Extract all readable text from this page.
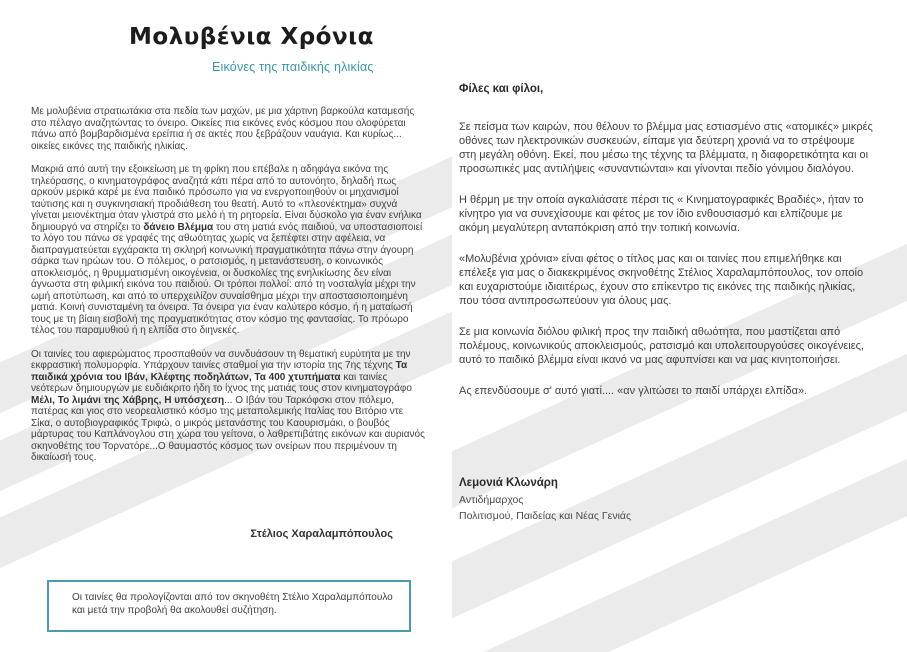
Μολυβένια Χρόνια
Εικόνες της παιδικής ηλικίας

Με μολυβένια στρατιωτάκια στα πεδία των μαχών, με μια χάρτινη βαρκούλα καταμεσής στο πέλαγο αναζητώντας το όνειρο. Οικείες πια εικόνες ενός κόσμου που ολοφύρεται πάνω από βομβαρδισμένα ερείπια ή σε ακτές που ξεβράζουν ναυάγια. Και κυρίως... οικείες εικόνες της παιδικής ηλικίας.

Μακριά από αυτή την εξοικείωση με τη φρίκη που επέβαλε η αδηφάγα εικόνα της τηλεόρασης, ο κινηματογράφος αναζητά κάτι πέρα από το αυτονόητο, δηλαδή πως αρκούν μερικά καρέ με ένα παιδικό πρόσωπο για να ενεργοποιηθούν οι μηχανισμοί ταύτισης και η συγκινησιακή προδιάθεση του θεατή. Αυτό το «πλεονέκτημα» συχνά γίνεται μειονέκτημα όταν γλιστρά στο μελό ή τη ρητορεία. Είναι δύσκολο για έναν ενήλικα δημιουργό να στηρίζει το δάνειο Βλέμμα του στη ματιά ενός παιδιού, να υποστασιοποιεί το λόγο του πάνω σε γραφές της αθωότητας χωρίς να ξεπέφτει στην αφέλεια, να διαπραγματεύεται εγχάρακτα τη σκληρή κοινωνική πραγματικότητα πάνω στην άγουρη σάρκα των ηρώων του. Ο πόλεμος, ο ρατσισμός, η μετανάστευση, ο κοινωνικός αποκλεισμός, η θρυμματισμένη οικογένεια, οι δυσκολίες της ενηλικίωσης δεν είναι άγνωστα στη φιλμική εικόνα του παιδιού. Οι τρόποι πολλοί: από τη νοσταλγία μέχρι την ωμή αποτύπωση, και από το υπερχειλίζον συναίσθημα μέχρι την αποστασιοποιημένη ματιά. Κοινή συνισταμένη τα όνειρα. Τα όνειρα για έναν καλύτερο κόσμο, ή η ματαίωσή τους με τη βίαιη εισβολή της πραγματικότητας στον κόσμο της φαντασίας. Το πρόωρο τέλος του παραμυθιού ή η ελπίδα στο διηνεκές.

Οι ταινίες του αφιερώματος προσπαθούν να συνδυάσουν τη θεματική ευρύτητα με την εκφραστική πολυμορφία. Υπάρχουν ταινίες σταθμοί για την ιστορία της 7ης τέχνης Τα παιδικά χρόνια του Ιβάν, Κλέφτης ποδηλάτων, Τα 400 χτυπήματα και ταινίες νεότερων δημιουργών με ευδιάκριτο ήδη το ίχνος της ματιάς τους στον κινηματογράφο Μέλι, Το λιμάνι της Χάβρης, Η υπόσχεση... Ο Ιβάν του Ταρκόφσκι στον πόλεμο, πατέρας και γιος στο νεορεαλιστικό κόσμο της μεταπολεμικής Ιταλίας του Βιτόριο ντε Σίκα, ο αυτοβιογραφικός Τριφώ, ο μικρός μετανάστης του Καουρισμάκι, ο βουβός μάρτυρας του Καπλάνογλου στη χώρα του γείτονα, ο λαθρεπιβάτης εικόνων και αυριανός σκηνοθέτης του Τορνατόρε...Ο θαυμαστός κόσμος των ονείρων που περιμένουν τη δικαίωσή τους.

Στέλιος Χαραλαμπόπουλος

Οι ταινίες θα προλογίζονται από τον σκηνοθέτη Στέλιο Χαραλαμπόπουλο και μετά την προβολή θα ακολουθεί συζήτηση.

Φίλες και φίλοι,

Σε πείσμα των καιρών, που θέλουν το βλέμμα μας εστιασμένο στις «ατομικές» μικρές οθόνες των ηλεκτρονικών συσκευών, είπαμε για δεύτερη χρονιά να το στρέψουμε στη μεγάλη οθόνη. Εκεί, που μέσω της τέχνης τα βλέμματα, η διαφορετικότητα και οι προσωπικές μας αντιλήψεις «συναντιώνται» και γίνονται πεδίο γόνιμου διαλόγου.

Η θέρμη με την οποία αγκαλιάσατε πέρσι τις « Κινηματογραφικές Βραδιές», ήταν το κίνητρο για να συνεχίσουμε και φέτος με τον ίδιο ενθουσιασμό και ελπίζουμε με ακόμη μεγαλύτερη ανταπόκριση από την τοπική κοινωνία.

«Μολυβένια χρόνια» είναι φέτος ο τίτλος μας και οι ταινίες που επιμελήθηκε και επέλεξε για μας ο διακεκριμένος σκηνοθέτης Στέλιος Χαραλαμπόπουλος, τον οποίο και ευχαριστούμε ιδιαιτέρως, έχουν στο επίκεντρο τις εικόνες της παιδικής ηλικίας, που τόσα αντιπροσωπεύουν για όλους μας.

Σε μια κοινωνία διόλου φιλική προς την παιδική αθωότητα, που μαστίζεται από πολέμους, κοινωνικούς αποκλεισμούς, ρατσισμό και υπολειτουργούσες οικογένειες, αυτό το παιδικό βλέμμα είναι ικανό να μας αφυπνίσει και να μας κινητοποιήσει.

Ας επενδύσουμε σ' αυτό γιατί.... «αν γλιτώσει το παιδί υπάρχει ελπίδα».

Λεμονιά Κλωνάρη

Αντιδήμαρχος

Πολιτισμού, Παιδείας και Νέας Γενιάς
